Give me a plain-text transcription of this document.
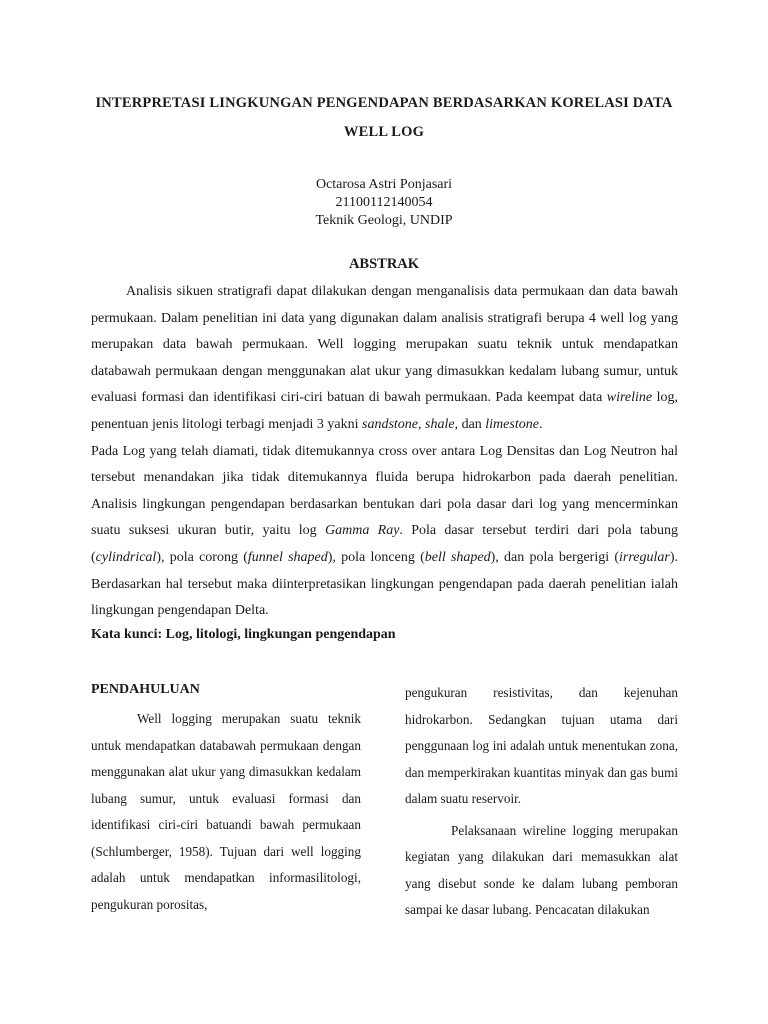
INTERPRETASI LINGKUNGAN PENGENDAPAN BERDASARKAN KORELASI DATA WELL LOG
Octarosa Astri Ponjasari
21100112140054
Teknik Geologi, UNDIP
ABSTRAK

Analisis sikuen stratigrafi dapat dilakukan dengan menganalisis data permukaan dan data bawah permukaan. Dalam penelitian ini data yang digunakan dalam analisis stratigrafi berupa 4 well log yang merupakan data bawah permukaan. Well logging merupakan suatu teknik untuk mendapatkan databawah permukaan dengan menggunakan alat ukur yang dimasukkan kedalam lubang sumur, untuk evaluasi formasi dan identifikasi ciri-ciri batuan di bawah permukaan. Pada keempat data wireline log, penentuan jenis litologi terbagi menjadi 3 yakni sandstone, shale, dan limestone.

Pada Log yang telah diamati, tidak ditemukannya cross over antara Log Densitas dan Log Neutron hal tersebut menandakan jika tidak ditemukannya fluida berupa hidrokarbon pada daerah penelitian. Analisis lingkungan pengendapan berdasarkan bentukan dari pola dasar dari log yang mencerminkan suatu suksesi ukuran butir, yaitu log Gamma Ray. Pola dasar tersebut terdiri dari pola tabung (cylindrical), pola corong (funnel shaped), pola lonceng (bell shaped), dan pola bergerigi (irregular). Berdasarkan hal tersebut maka diinterpretasikan lingkungan pengendapan pada daerah penelitian ialah lingkungan pengendapan Delta.

Kata kunci: Log, litologi, lingkungan pengendapan
PENDAHULUAN

Well logging merupakan suatu teknik untuk mendapatkan databawah permukaan dengan menggunakan alat ukur yang dimasukkan kedalam lubang sumur, untuk evaluasi formasi dan identifikasi ciri-ciri batuandi bawah permukaan (Schlumberger, 1958). Tujuan dari well logging adalah untuk mendapatkan informasilitologi, pengukuran porositas,

pengukuran resistivitas, dan kejenuhan hidrokarbon. Sedangkan tujuan utama dari penggunaan log ini adalah untuk menentukan zona, dan memperkirakan kuantitas minyak dan gas bumi dalam suatu reservoir.

Pelaksanaan wireline logging merupakan kegiatan yang dilakukan dari memasukkan alat yang disebut sonde ke dalam lubang pemboran sampai ke dasar lubang. Pencacatan dilakukan
